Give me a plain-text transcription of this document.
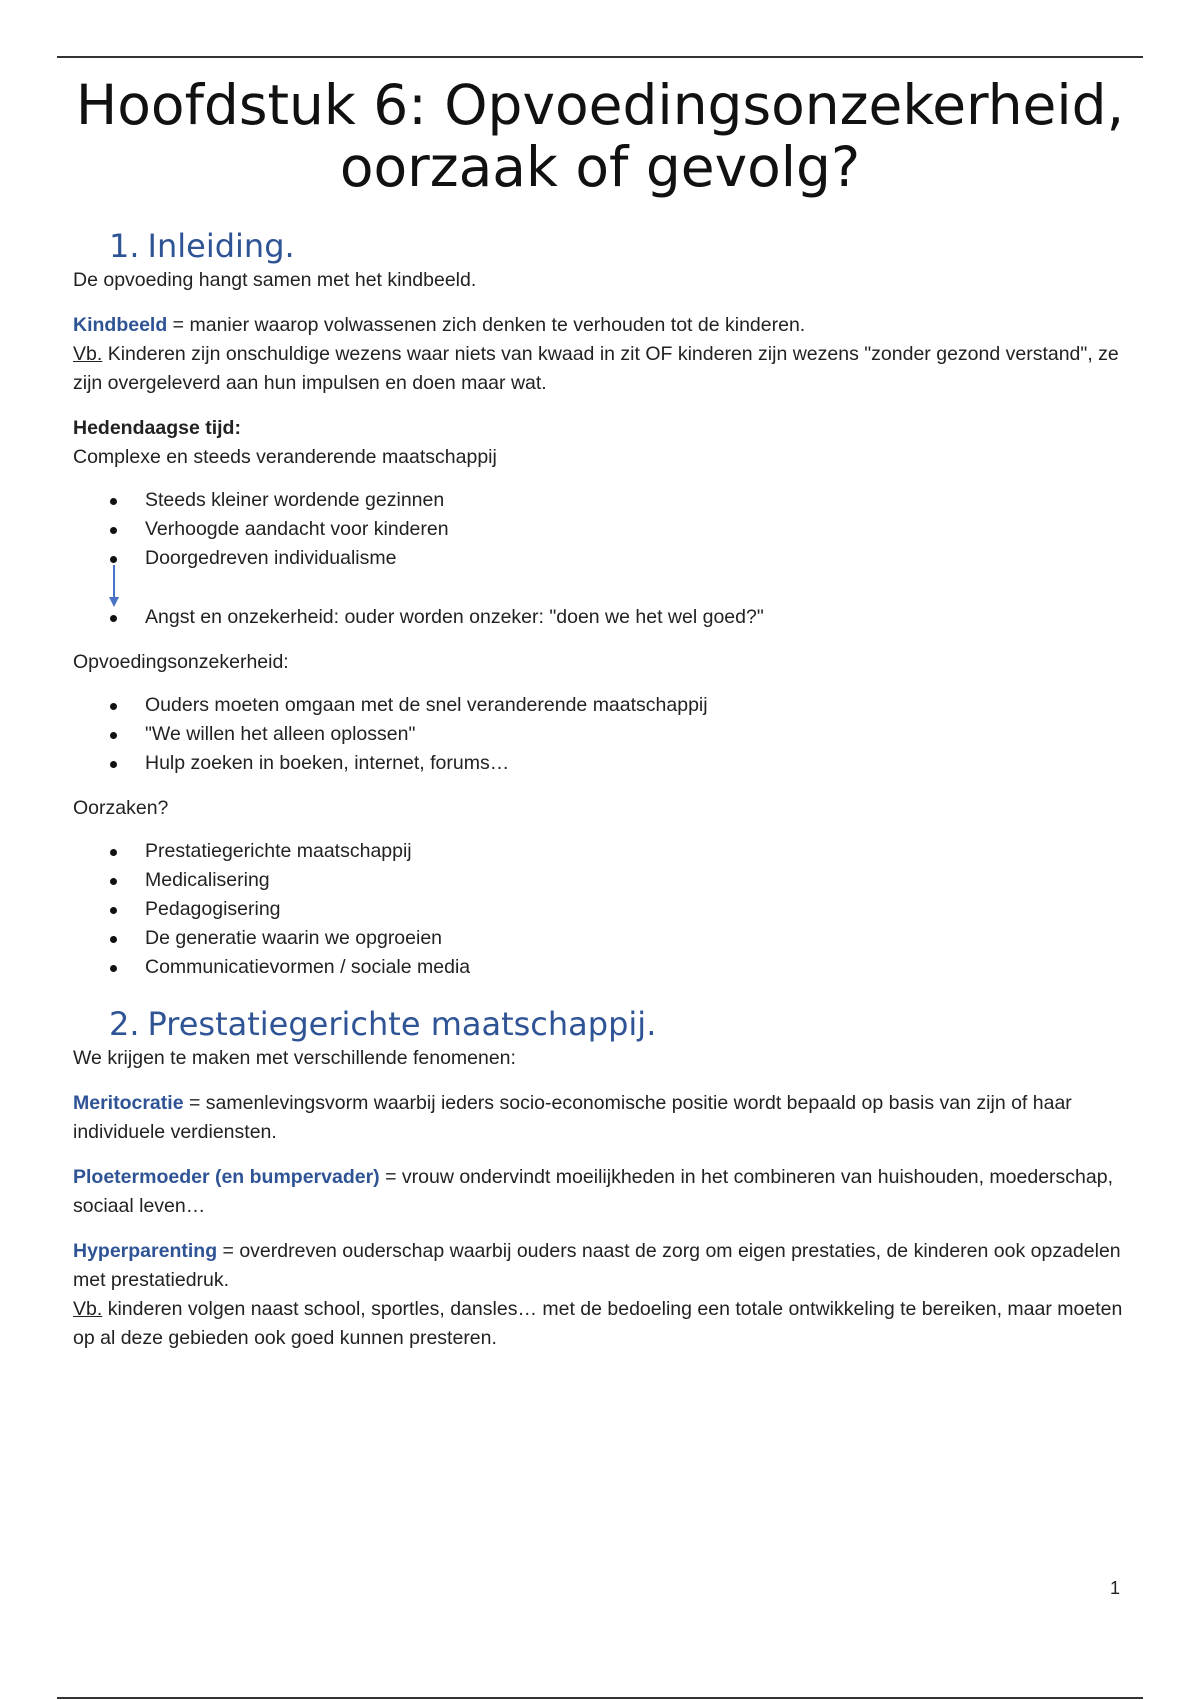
Hoofdstuk 6: Opvoedingsonzekerheid,
oorzaak of gevolg?
1. Inleiding.

De opvoeding hangt samen met het kindbeeld.

Kindbeeld = manier waarop volwassenen zich denken te verhouden tot de kinderen.

Vb. Kinderen zijn onschuldige wezens waar niets van kwaad in zit OF kinderen zijn wezens "zonder gezond verstand", ze zijn overgeleverd aan hun impulsen en doen maar wat.

Hedendaagse tijd:

Complexe en steeds veranderende maatschappij

Steeds kleiner wordende gezinnen
Verhoogde aandacht voor kinderen
Doorgedreven individualisme
Angst en onzekerheid: ouder worden onzeker: "doen we het wel goed?"

Opvoedingsonzekerheid:

Ouders moeten omgaan met de snel veranderende maatschappij
"We willen het alleen oplossen"
Hulp zoeken in boeken, internet, forums…

Oorzaken?

Prestatiegerichte maatschappij
Medicalisering
Pedagogisering
De generatie waarin we opgroeien
Communicatievormen / sociale media
2. Prestatiegerichte maatschappij.

We krijgen te maken met verschillende fenomenen:

Meritocratie = samenlevingsvorm waarbij ieders socio-economische positie wordt bepaald op basis van zijn of haar individuele verdiensten.

Ploetermoeder (en bumpervader) = vrouw ondervindt moeilijkheden in het combineren van huishouden, moederschap, sociaal leven…

Hyperparenting = overdreven ouderschap waarbij ouders naast de zorg om eigen prestaties, de kinderen ook opzadelen met prestatiedruk.

Vb. kinderen volgen naast school, sportles, dansles… met de bedoeling een totale ontwikkeling te bereiken, maar moeten op al deze gebieden ook goed kunnen presteren.

1
